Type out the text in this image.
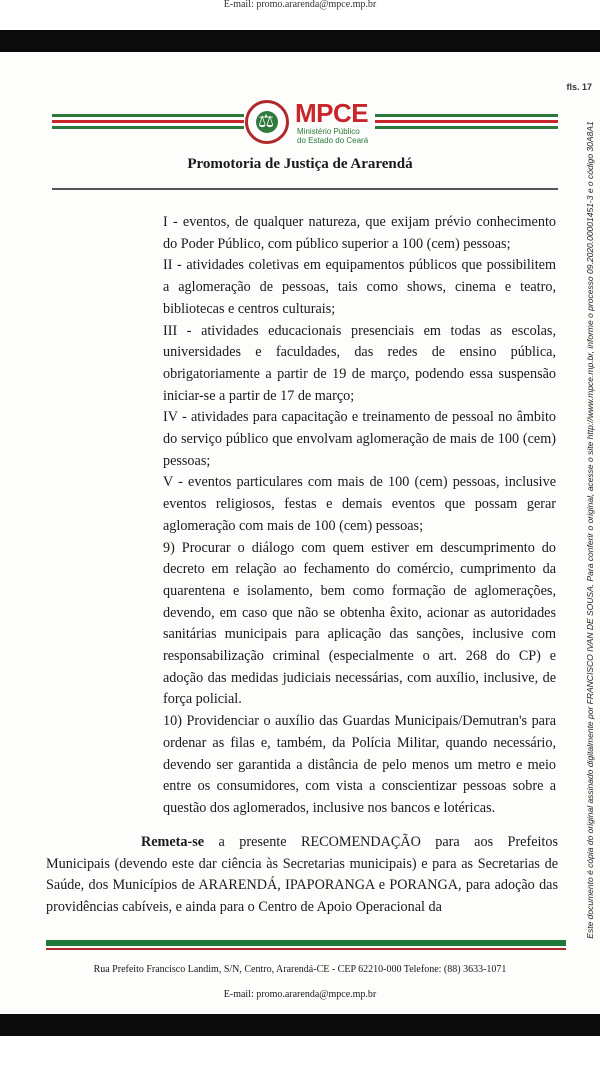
E-mail: promo.ararenda@mpce.mp.br
fls. 17
⚖ MPCE
Ministério Público
do Estado do Ceará
Promotoria de Justiça de Ararendá

I - eventos, de qualquer natureza, que exijam prévio conhecimento do Poder Público, com público superior a 100 (cem) pessoas;

II - atividades coletivas em equipamentos públicos que possibilitem a aglomeração de pessoas, tais como shows, cinema e teatro, bibliotecas e centros culturais;

III - atividades educacionais presenciais em todas as escolas, universidades e faculdades, das redes de ensino pública, obrigatoriamente a partir de 19 de março, podendo essa suspensão iniciar-se a partir de 17 de março;

IV - atividades para capacitação e treinamento de pessoal no âmbito do serviço público que envolvam aglomeração de mais de 100 (cem) pessoas;

V - eventos particulares com mais de 100 (cem) pessoas, inclusive eventos religiosos, festas e demais eventos que possam gerar aglomeração com mais de 100 (cem) pessoas;

9) Procurar o diálogo com quem estiver em descumprimento do decreto em relação ao fechamento do comércio, cumprimento da quarentena e isolamento, bem como formação de aglomerações, devendo, em caso que não se obtenha êxito, acionar as autoridades sanitárias municipais para aplicação das sanções, inclusive com responsabilização criminal (especialmente o art. 268 do CP) e adoção das medidas judiciais necessárias, com auxílio, inclusive, de força policial.

10) Providenciar o auxílio das Guardas Municipais/Demutran's para ordenar as filas e, também, da Polícia Militar, quando necessário, devendo ser garantida a distância de pelo menos um metro e meio entre os consumidores, com vista a conscientizar pessoas sobre a questão dos aglomerados, inclusive nos bancos e lotéricas.

Remeta-se a presente RECOMENDAÇÃO para aos Prefeitos Municipais (devendo este dar ciência às Secretarias municipais) e para as Secretarias de Saúde, dos Municípios de ARARENDÁ, IPAPORANGA e PORANGA, para adoção das providências cabíveis, e ainda para o Centro de Apoio Operacional da

Rua Prefeito Francisco Landim, S/N, Centro, Ararendá-CE - CEP 62210-000 Telefone: (88) 3633-1071
E-mail: promo.ararenda@mpce.mp.br
Este documento é cópia do original assinado digitalmente por FRANCISCO IVAN DE SOUSA. Para conferir o original, acesse o site http://www.mpce.mp.br, informe o processo 09.2020.00001451-3 e o código 30A8A1
